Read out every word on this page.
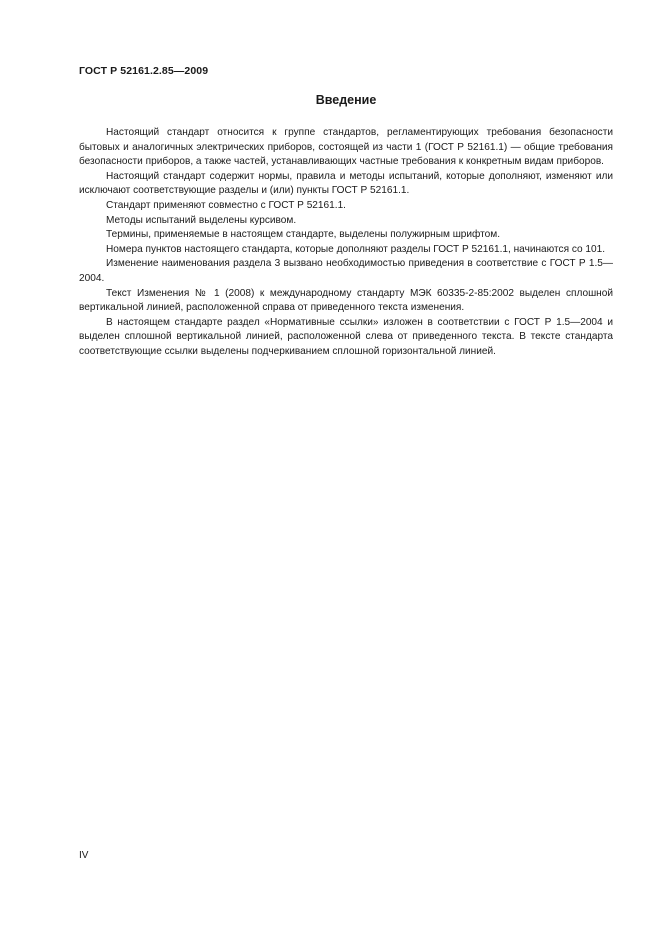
ГОСТ Р 52161.2.85—2009
Введение

Настоящий стандарт относится к группе стандартов, регламентирующих требования безопасности бытовых и аналогичных электрических приборов, состоящей из части 1 (ГОСТ Р 52161.1) — общие требования безопасности приборов, а также частей, устанавливающих частные требования к конкретным видам приборов.

Настоящий стандарт содержит нормы, правила и методы испытаний, которые дополняют, изменяют или исключают соответствующие разделы и (или) пункты ГОСТ Р 52161.1.

Стандарт применяют совместно с ГОСТ Р 52161.1.

Методы испытаний выделены курсивом.

Термины, применяемые в настоящем стандарте, выделены полужирным шрифтом.

Номера пунктов настоящего стандарта, которые дополняют разделы ГОСТ Р 52161.1, начинаются со 101.

Изменение наименования раздела 3 вызвано необходимостью приведения в соответствие с ГОСТ Р 1.5—2004.

Текст Изменения № 1 (2008) к международному стандарту МЭК 60335-2-85:2002 выделен сплошной вертикальной линией, расположенной справа от приведенного текста изменения.

В настоящем стандарте раздел «Нормативные ссылки» изложен в соответствии с ГОСТ Р 1.5—2004 и выделен сплошной вертикальной линией, расположенной слева от приведенного текста. В тексте стандарта соответствующие ссылки выделены подчеркиванием сплошной горизонтальной линией.

IV
